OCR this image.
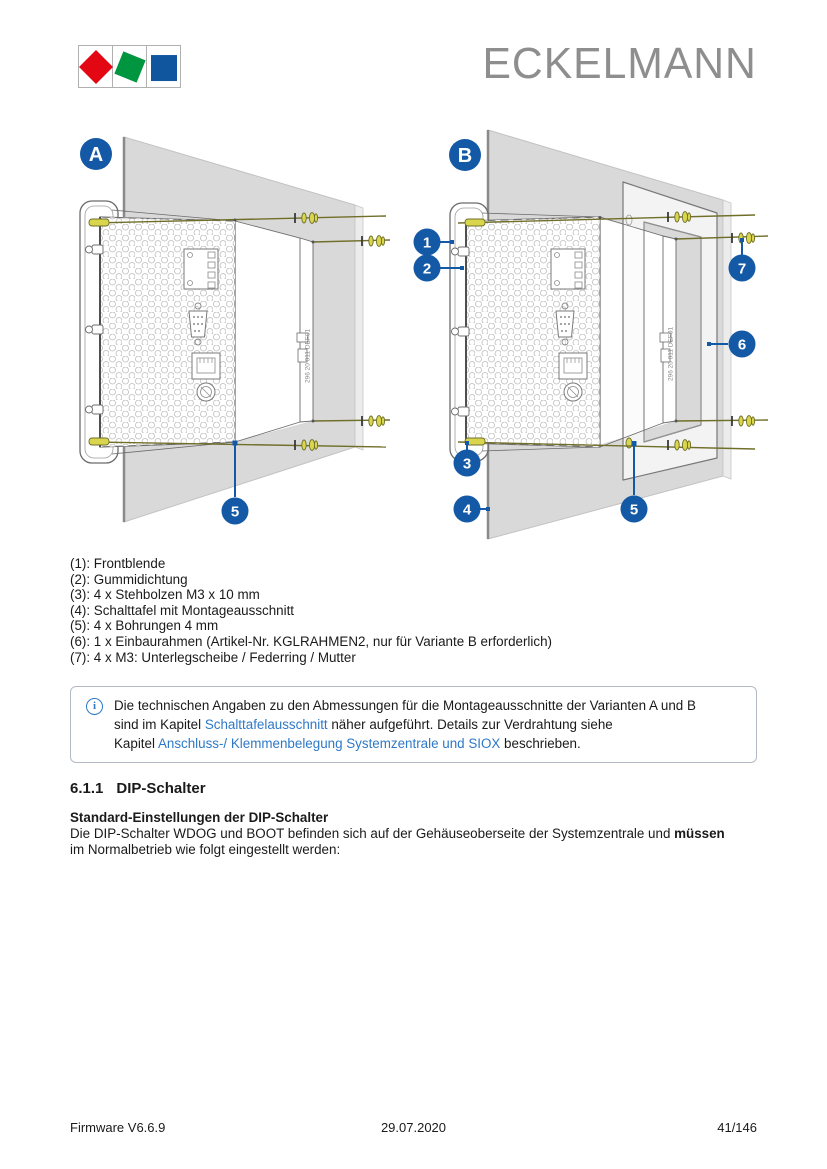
ECKELMANN
296 20 011 DEF01
A
5
296 20 011 DEF01
B
1
2
3
4	5
6
7
(1): Frontblende
(2): Gummidichtung
(3): 4 x Stehbolzen M3 x 10 mm
(4): Schalttafel mit Montageausschnitt
(5): 4 x Bohrungen 4 mm
(6): 1 x Einbaurahmen (Artikel-Nr. KGLRAHMEN2, nur für Variante B erforderlich)
(7): 4 x M3: Unterlegscheibe / Federring / Mutter
i	Die technischen Angaben zu den Abmessungen für die Montageausschnitte der Varianten A und B
sind im Kapitel Schalttafelausschnitt näher aufgeführt. Details zur Verdrahtung siehe
Kapitel Anschluss-/ Klemmenbelegung Systemzentrale und SIOX beschrieben.
6.1.1 DIP-Schalter
Standard-Einstellungen der DIP-Schalter
Die DIP-Schalter WDOG und BOOT befinden sich auf der Gehäuseoberseite der Systemzentrale und müssen
im Normalbetrieb wie folgt eingestellt werden:
Firmware V6.6.9	29.07.2020	41/146
